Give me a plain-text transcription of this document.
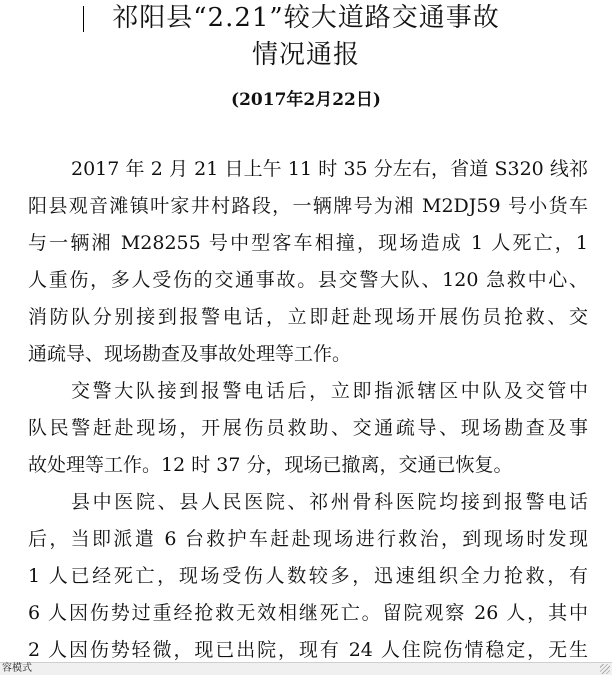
祁阳县“2.21”较大道路交通事故
情况通报
(2017年2月22日)
2017 年 2 月 21 日上午 11 时 35 分左右，省道 S320 线祁
阳县观音滩镇叶家井村路段，一辆牌号为湘 M2DJ59 号小货车
与一辆湘 M28255 号中型客车相撞，现场造成 1 人死亡，1
人重伤，多人受伤的交通事故。县交警大队、120 急救中心、
消防队分别接到报警电话，立即赶赴现场开展伤员抢救、交
通疏导、现场勘查及事故处理等工作。
交警大队接到报警电话后，立即指派辖区中队及交管中
队民警赶赴现场，开展伤员救助、交通疏导、现场勘查及事
故处理等工作。12 时 37 分，现场已撤离，交通已恢复。
县中医院、县人民医院、祁州骨科医院均接到报警电话
后，当即派遣 6 台救护车赶赴现场进行救治，到现场时发现
1 人已经死亡，现场受伤人数较多，迅速组织全力抢救，有
6 人因伤势过重经抢救无效相继死亡。留院观察 26 人，其中
2 人因伤势轻微，现已出院，现有 24 人住院伤情稳定，无生
容模式
